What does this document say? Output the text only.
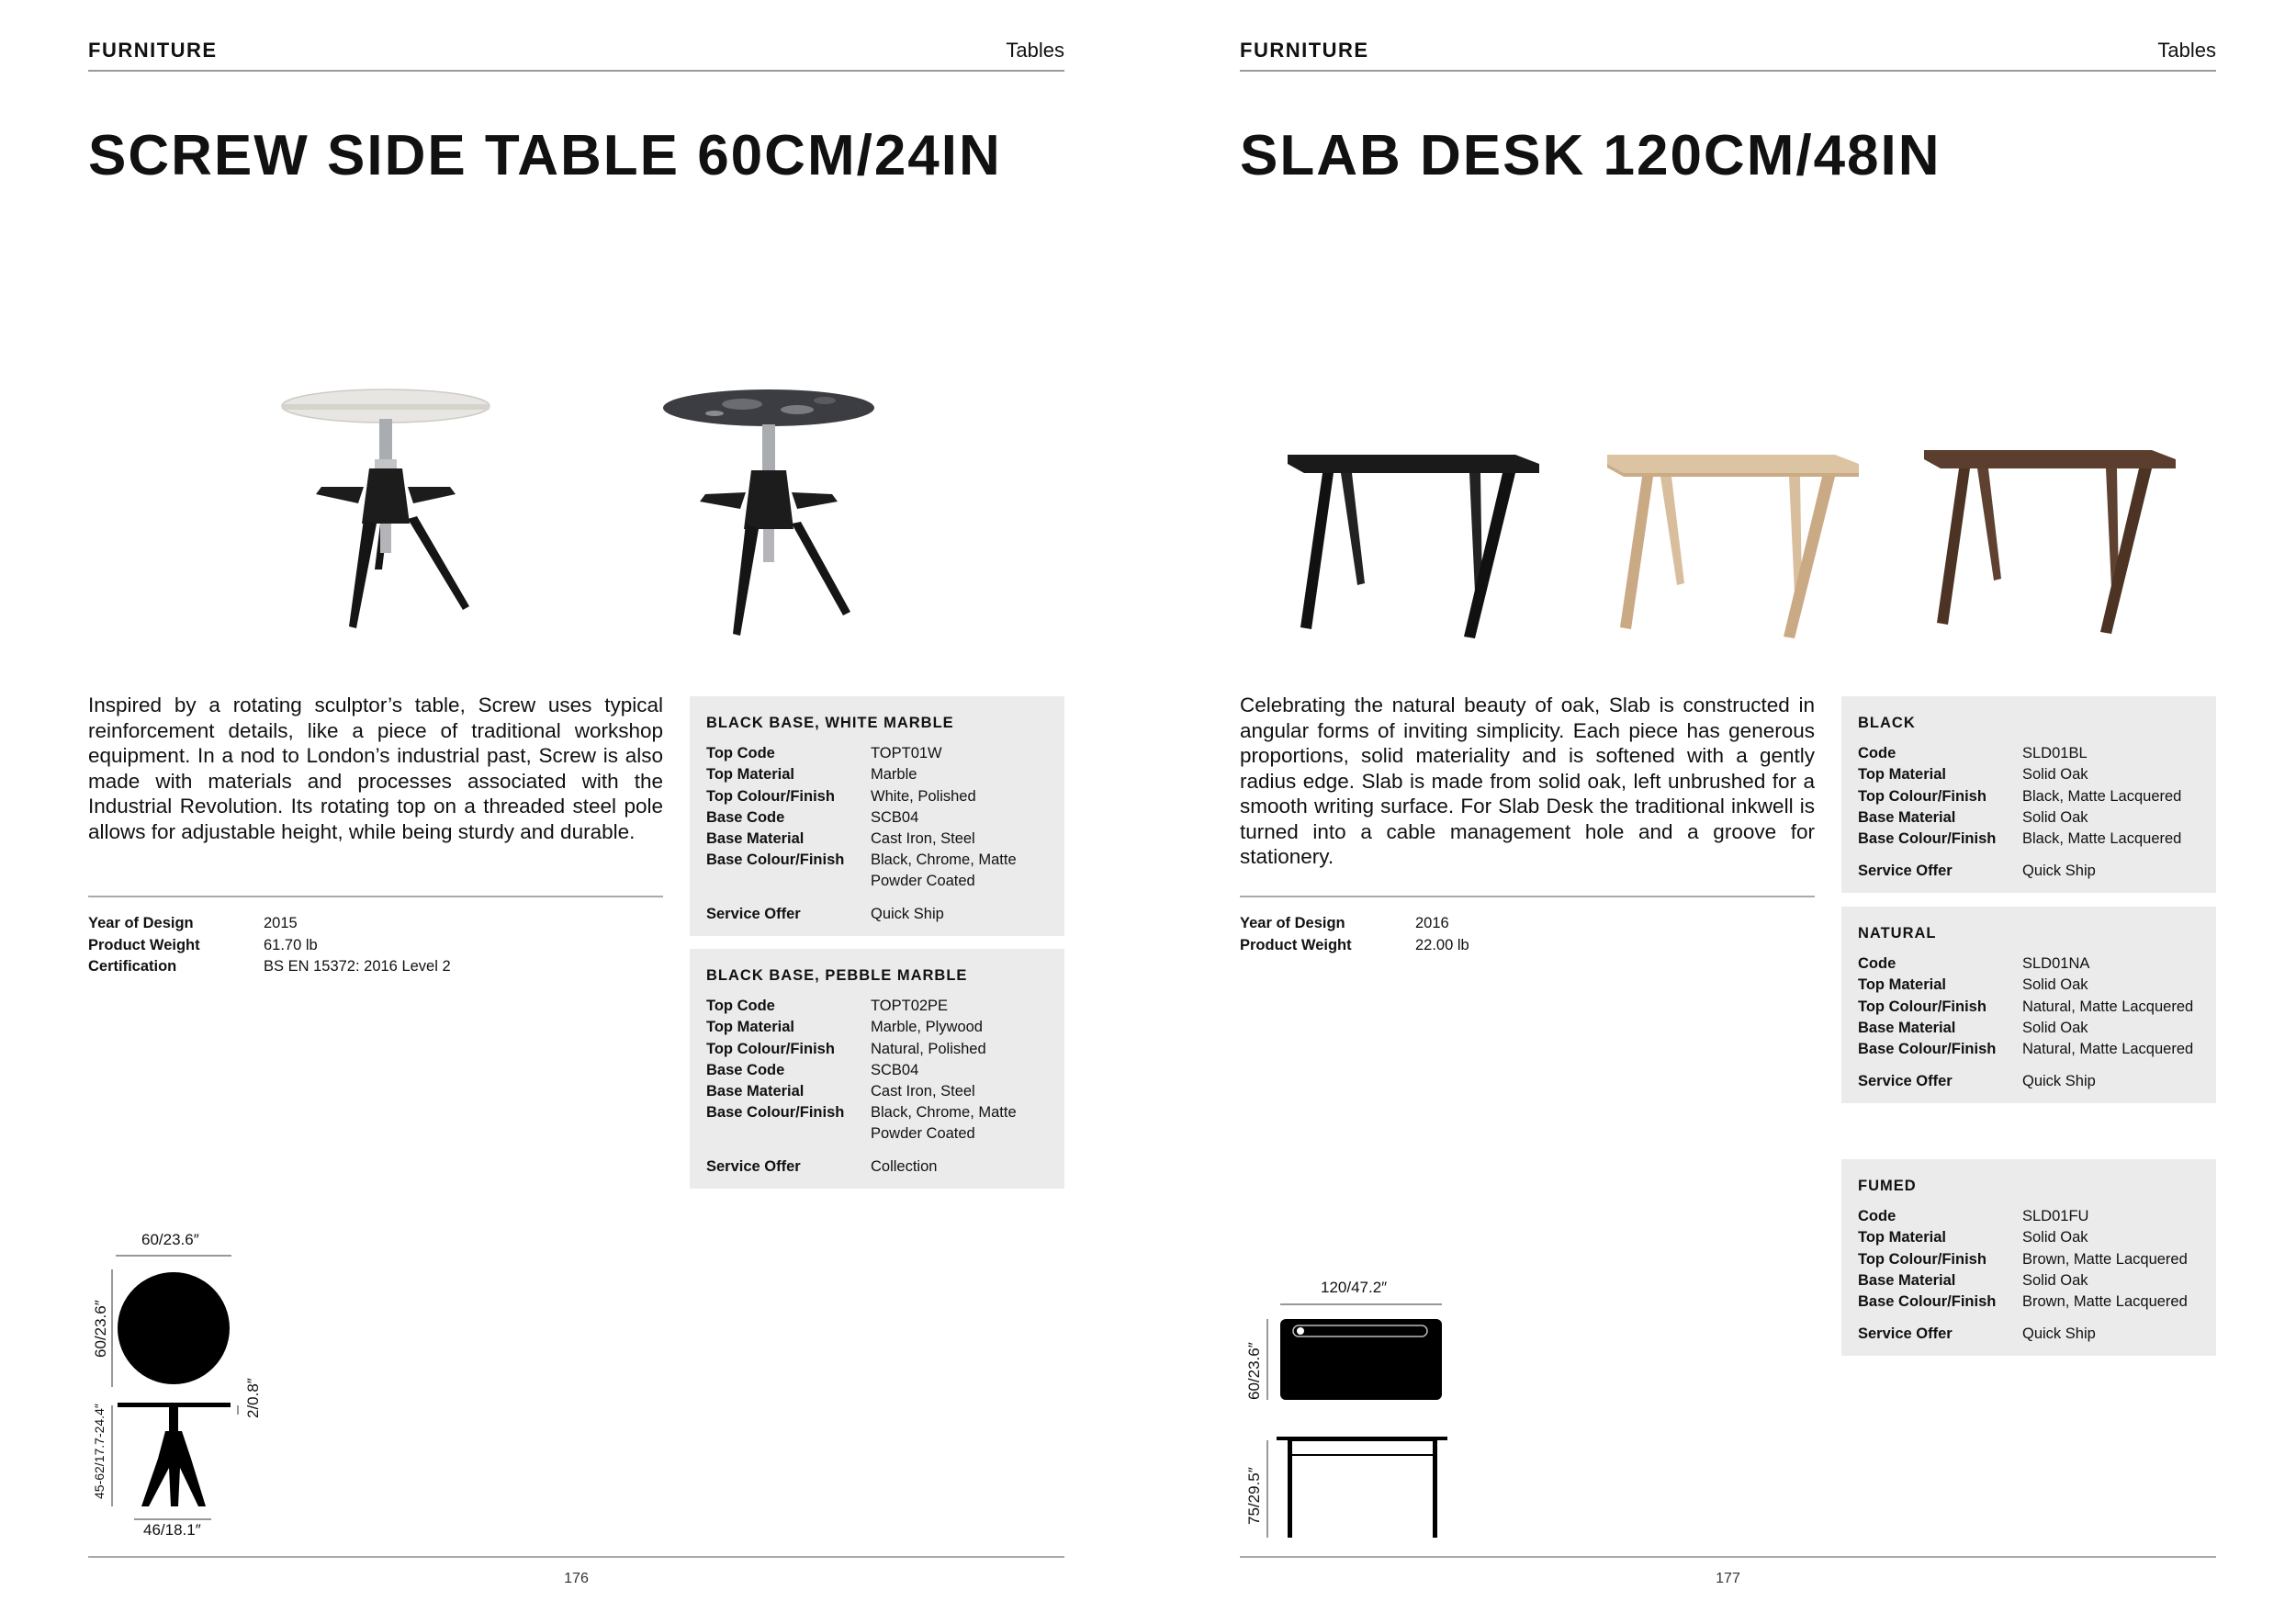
FURNITURE	Tables
SCREW SIDE TABLE 60CM/24IN

Inspired by a rotating sculptor’s table, Screw uses typical reinforcement details, like a piece of traditional workshop equipment. In a nod to London’s industrial past, Screw is also made with materials and processes associated with the Industrial Revolution. Its rotating top on a threaded steel pole allows for adjustable height, while being sturdy and durable.

Year of Design	2015
Product Weight	61.70 lb
Certification	BS EN 15372: 2016 Level 2
BLACK BASE, WHITE MARBLE
Top Code	TOPT01W
Top Material	Marble
Top Colour/Finish	White, Polished
Base Code	SCB04
Base Material	Cast Iron, Steel
Base Colour/Finish	Black, Chrome, Matte Powder Coated
Service Offer	Quick Ship
BLACK BASE, PEBBLE MARBLE
Top Code	TOPT02PE
Top Material	Marble, Plywood
Top Colour/Finish	Natural, Polished
Base Code	SCB04
Base Material	Cast Iron, Steel
Base Colour/Finish	Black, Chrome, Matte Powder Coated
Service Offer	Collection
60/23.6″
60/23.6″
2/0.8″
45-62/17.7-24.4″
46/18.1″
176
FURNITURE	Tables
SLAB DESK 120CM/48IN

Celebrating the natural beauty of oak, Slab is constructed in angular forms of inviting simplicity. Each piece has generous proportions, solid materiality and is softened with a gently radius edge. Slab is made from solid oak, left unbrushed for a smooth writing surface. For Slab Desk the traditional inkwell is turned into a cable management hole and a groove for stationery.

Year of Design	2016
Product Weight	22.00 lb
BLACK
Code	SLD01BL
Top Material	Solid Oak
Top Colour/Finish	Black, Matte Lacquered
Base Material	Solid Oak
Base Colour/Finish	Black, Matte Lacquered
Service Offer	Quick Ship
NATURAL
Code	SLD01NA
Top Material	Solid Oak
Top Colour/Finish	Natural, Matte Lacquered
Base Material	Solid Oak
Base Colour/Finish	Natural, Matte Lacquered
Service Offer	Quick Ship
FUMED
Code	SLD01FU
Top Material	Solid Oak
Top Colour/Finish	Brown, Matte Lacquered
Base Material	Solid Oak
Base Colour/Finish	Brown, Matte Lacquered
Service Offer	Quick Ship
120/47.2″
60/23.6″
75/29.5″
177
